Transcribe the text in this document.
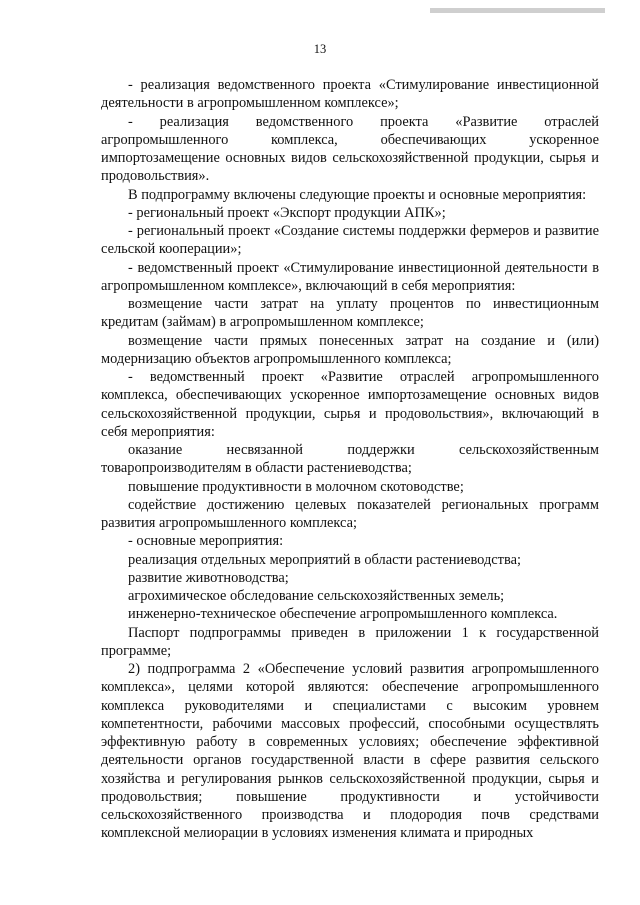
13

- реализация ведомственного проекта «Стимулирование инвестиционной деятельности в агропромышленном комплексе»;

- реализация ведомственного проекта «Развитие отраслей агропромышленного комплекса, обеспечивающих ускоренное импортозамещение основных видов сельскохозяйственной продукции, сырья и продовольствия».

В подпрограмму включены следующие проекты и основные мероприятия:

- региональный проект «Экспорт продукции АПК»;

- региональный проект «Создание системы поддержки фермеров и развитие сельской кооперации»;

- ведомственный проект «Стимулирование инвестиционной деятельности в агропромышленном комплексе», включающий в себя мероприятия:

возмещение части затрат на уплату процентов по инвестиционным кредитам (займам) в агропромышленном комплексе;

возмещение части прямых понесенных затрат на создание и (или) модернизацию объектов агропромышленного комплекса;

- ведомственный проект «Развитие отраслей агропромышленного комплекса, обеспечивающих ускоренное импортозамещение основных видов сельскохозяйственной продукции, сырья и продовольствия», включающий в себя мероприятия:

оказание несвязанной поддержки сельскохозяйственным товаропроизводителям в области растениеводства;

повышение продуктивности в молочном скотоводстве;

содействие достижению целевых показателей региональных программ развития агропромышленного комплекса;

- основные мероприятия:

реализация отдельных мероприятий в области растениеводства;

развитие животноводства;

агрохимическое обследование сельскохозяйственных земель;

инженерно-техническое обеспечение агропромышленного комплекса.

Паспорт подпрограммы приведен в приложении 1 к государственной программе;

2) подпрограмма 2 «Обеспечение условий развития агропромышленного комплекса», целями которой являются: обеспечение агропромышленного комплекса руководителями и специалистами с высоким уровнем компетентности, рабочими массовых профессий, способными осуществлять эффективную работу в современных условиях; обеспечение эффективной деятельности органов государственной власти в сфере развития сельского хозяйства и регулирования рынков сельскохозяйственной продукции, сырья и продовольствия; повышение продуктивности и устойчивости сельскохозяйственного производства и плодородия почв средствами комплексной мелиорации в условиях изменения климата и природных
